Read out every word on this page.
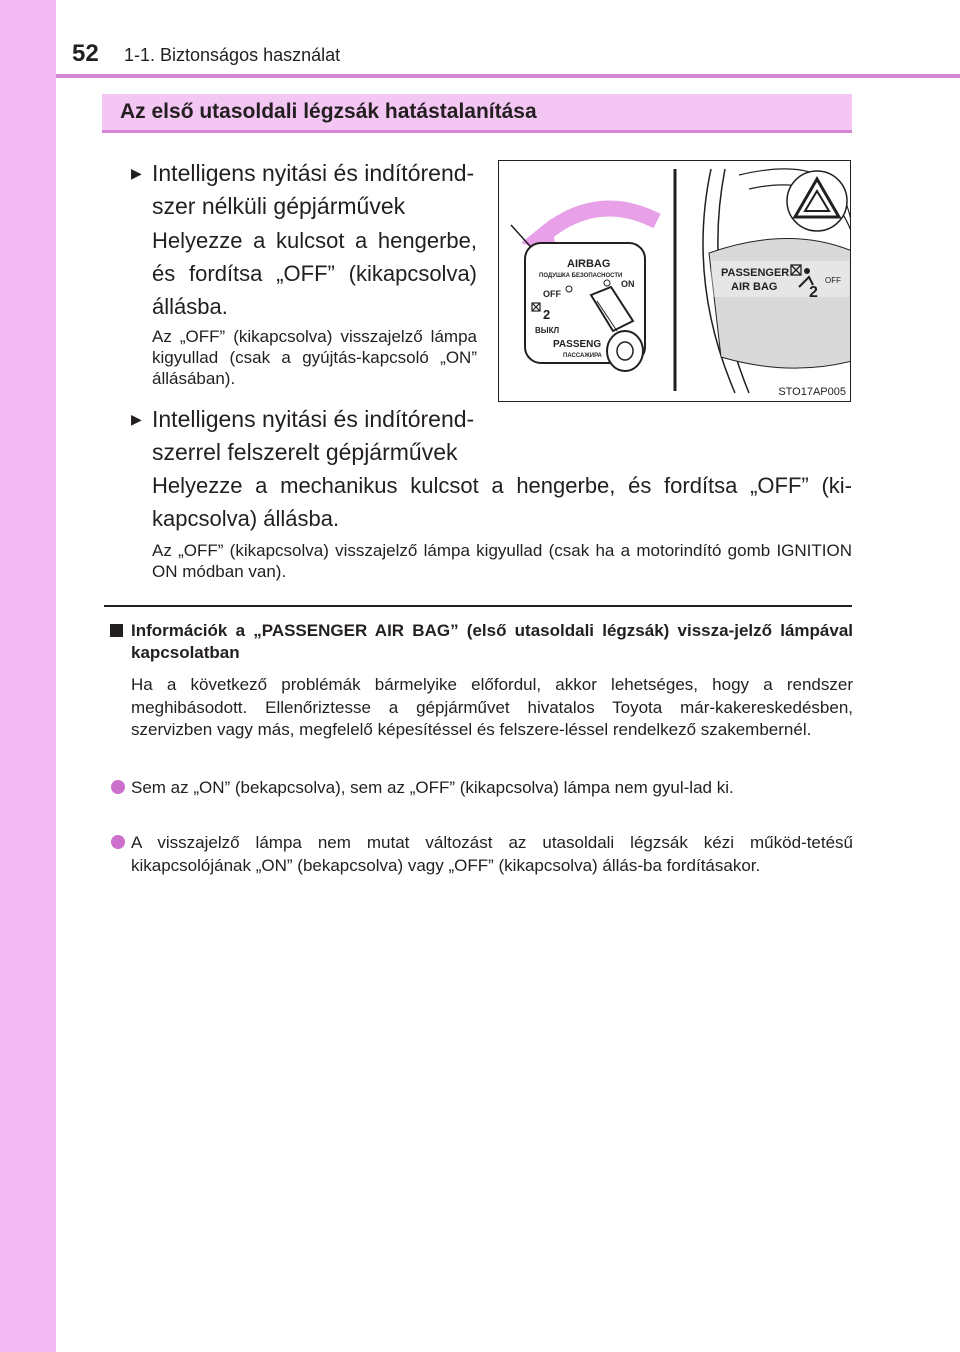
52 1-1. Biztonságos használat
Az első utasoldali légzsák hatástalanítása
▶ Intelligens nyitási és indítórend-
szer nélküli gépjárművek
Helyezze a kulcsot a hengerbe, és fordítsa „OFF” (kikapcsolva) állásba.
Az „OFF” (kikapcsolva) visszajelző lámpa kigyullad (csak a gyújtás-kapcsoló „ON” állásában).
AIRBAG
ПОДУШКА БЕЗОПАСНОСТИ
OFF
ON
2
ВЫКЛ
PASSENG
ПАССАЖИРА
PASSENGER
AIR BAG 2
OFF
STO17AP005
▶ Intelligens nyitási és indítórend-
szerrel felszerelt gépjárművek
Helyezze a mechanikus kulcsot a hengerbe, és fordítsa „OFF” (ki-kapcsolva) állásba.
Az „OFF” (kikapcsolva) visszajelző lámpa kigyullad (csak ha a motorindító gomb IGNITION ON módban van).
Információk a „PASSENGER AIR BAG” (első utasoldali légzsák) vissza-jelző lámpával kapcsolatban
Ha a következő problémák bármelyike előfordul, akkor lehetséges, hogy a rendszer meghibásodott. Ellenőriztesse a gépjárművet hivatalos Toyota már-kakereskedésben, szervizben vagy más, megfelelő képesítéssel és felszere-léssel rendelkező szakembernél.
Sem az „ON” (bekapcsolva), sem az „OFF” (kikapcsolva) lámpa nem gyul-lad ki.
A visszajelző lámpa nem mutat változást az utasoldali légzsák kézi működ-tetésű kikapcsolójának „ON” (bekapcsolva) vagy „OFF” (kikapcsolva) állás-ba fordításakor.
